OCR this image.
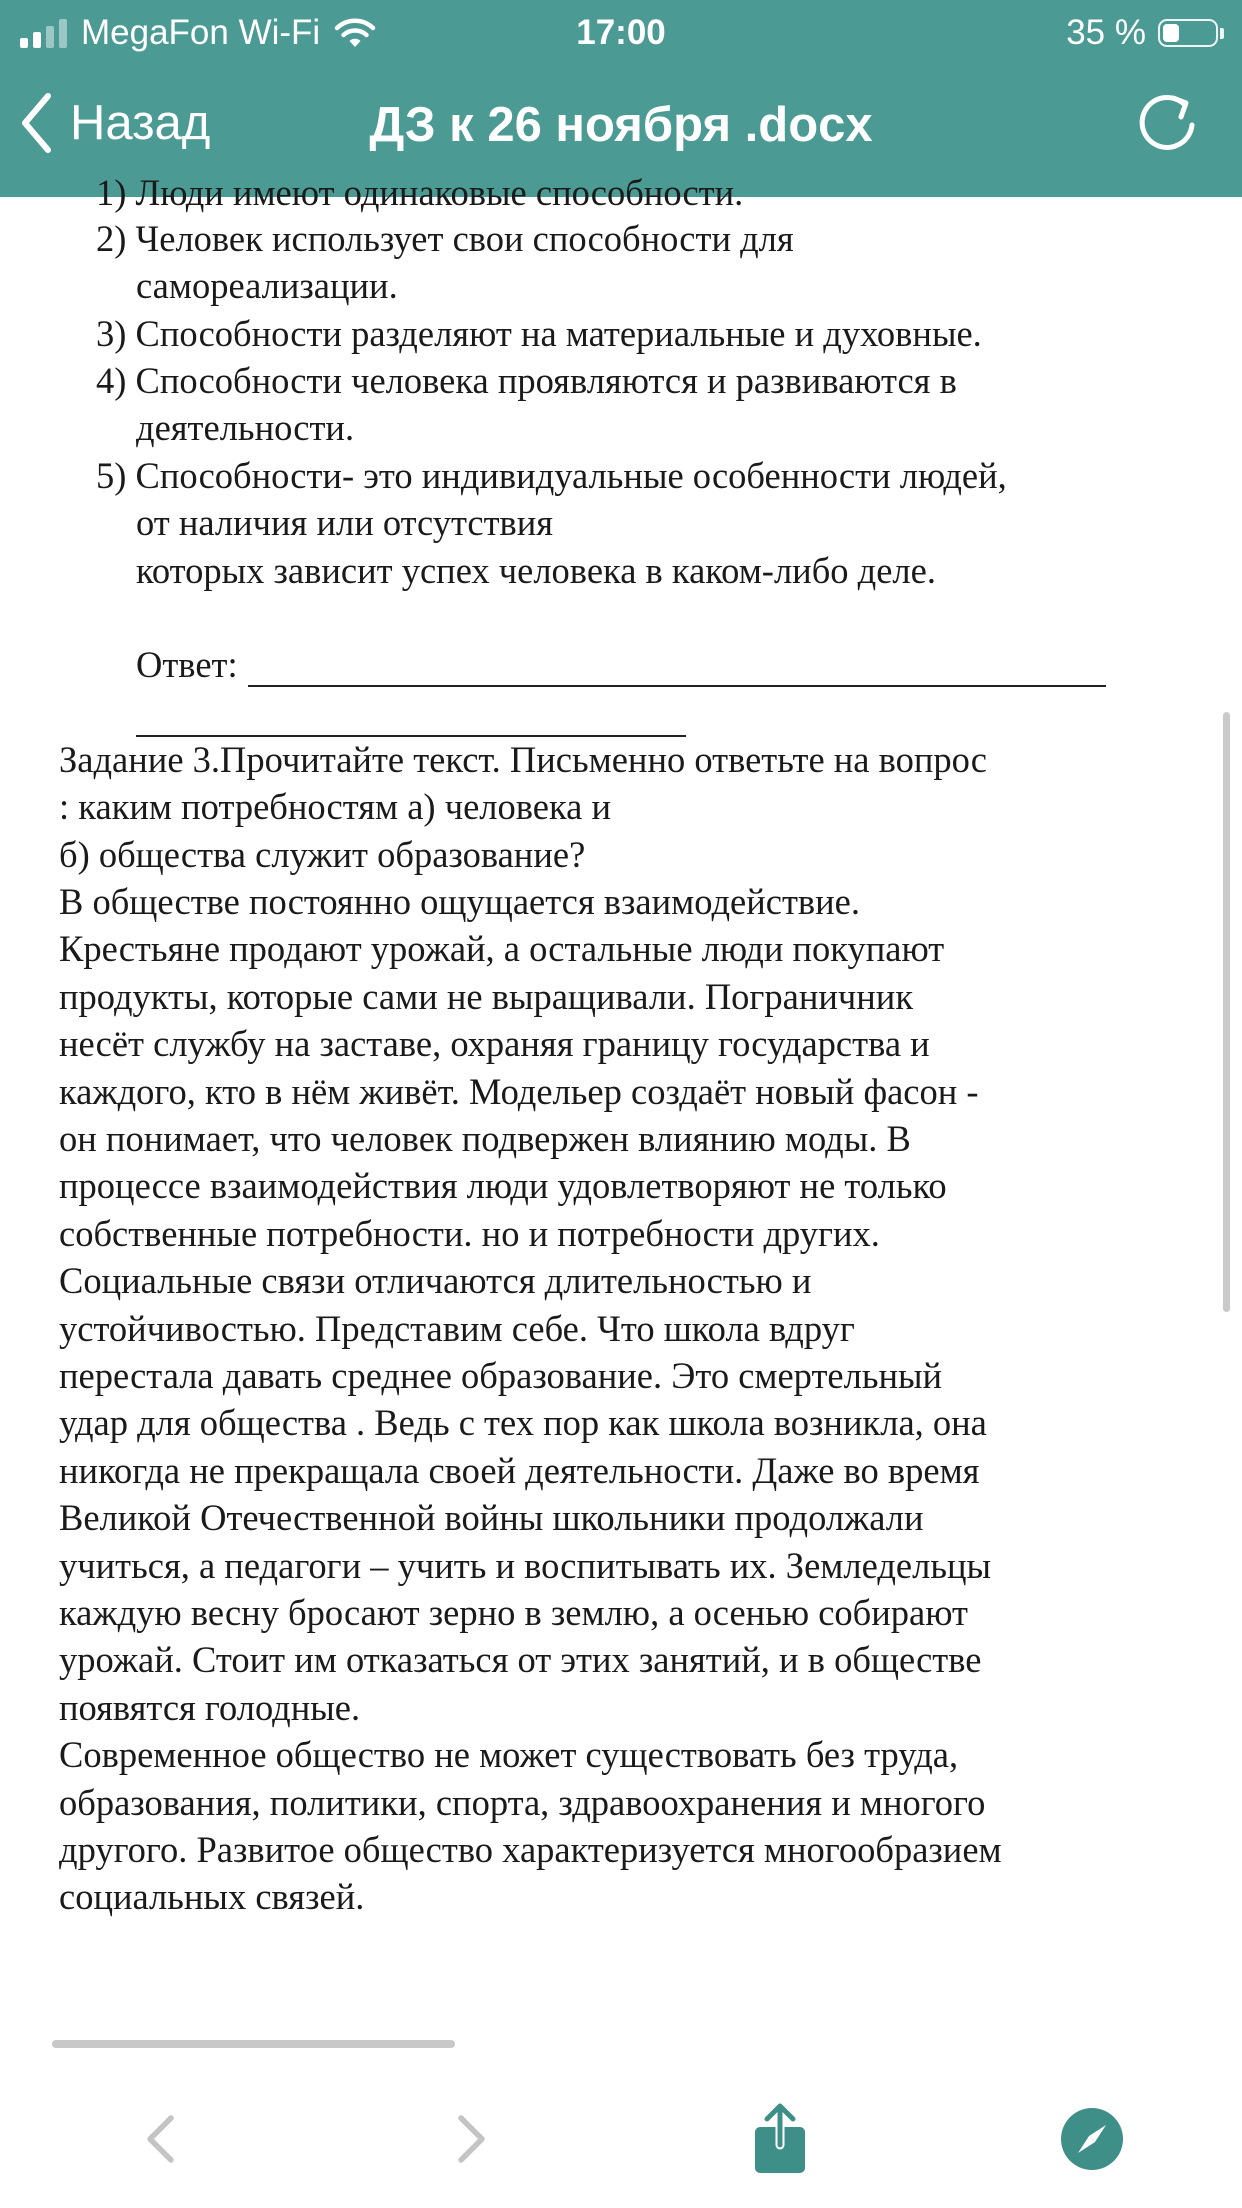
MegaFon Wi-Fi	17:00	35 %
Назад	ДЗ к 26 ноября .docx
1) Люди имеют одинаковые способности.
2) Человек использует свои способности для
самореализации.
3) Способности разделяют на материальные и духовные.
4) Способности человека проявляются и развиваются в
деятельности.
5) Способности- это индивидуальные особенности людей,
от наличия или отсутствия
которых зависит успех человека в каком-либо деле.
Ответ:
Задание 3.Прочитайте текст. Письменно ответьте на вопрос
: каким потребностям а) человека и
б) общества служит образование?
В обществе постоянно ощущается взаимодействие.
Крестьяне продают урожай, а остальные люди покупают
продукты, которые сами не выращивали. Пограничник
несёт службу на заставе, охраняя границу государства и
каждого, кто в нём живёт. Модельер создаёт новый фасон -
он понимает, что человек подвержен влиянию моды. В
процессе взаимодействия люди удовлетворяют не только
собственные потребности. но и потребности других.
Социальные связи отличаются длительностью и
устойчивостью. Представим себе. Что школа вдруг
перестала давать среднее образование. Это смертельный
удар для общества . Ведь с тех пор как школа возникла, она
никогда не прекращала своей деятельности. Даже во время
Великой Отечественной войны школьники продолжали
учиться, а педагоги – учить и воспитывать их. Земледельцы
каждую весну бросают зерно в землю, а осенью собирают
урожай. Стоит им отказаться от этих занятий, и в обществе
появятся голодные.
Современное общество не может существовать без труда,
образования, политики, спорта, здравоохранения и многого
другого. Развитое общество характеризуется многообразием
социальных связей.
